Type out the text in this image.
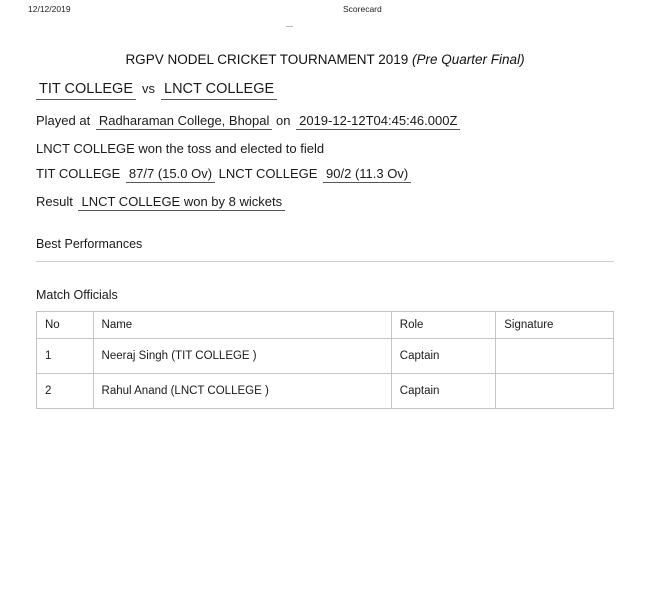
12/12/2019	Scorecard
RGPV NODEL CRICKET TOURNAMENT 2019 (Pre Quarter Final)
TIT COLLEGE vs LNCT COLLEGE
Played at Radharaman College, Bhopal on 2019-12-12T04:45:46.000Z
LNCT COLLEGE won the toss and elected to field
TIT COLLEGE 87/7 (15.0 Ov) LNCT COLLEGE 90/2 (11.3 Ov)
Result LNCT COLLEGE won by 8 wickets
Best Performances
Match Officials
No	Name	Role	Signature
1	Neeraj Singh (TIT COLLEGE )	Captain	
2	Rahul Anand (LNCT COLLEGE )	Captain	
